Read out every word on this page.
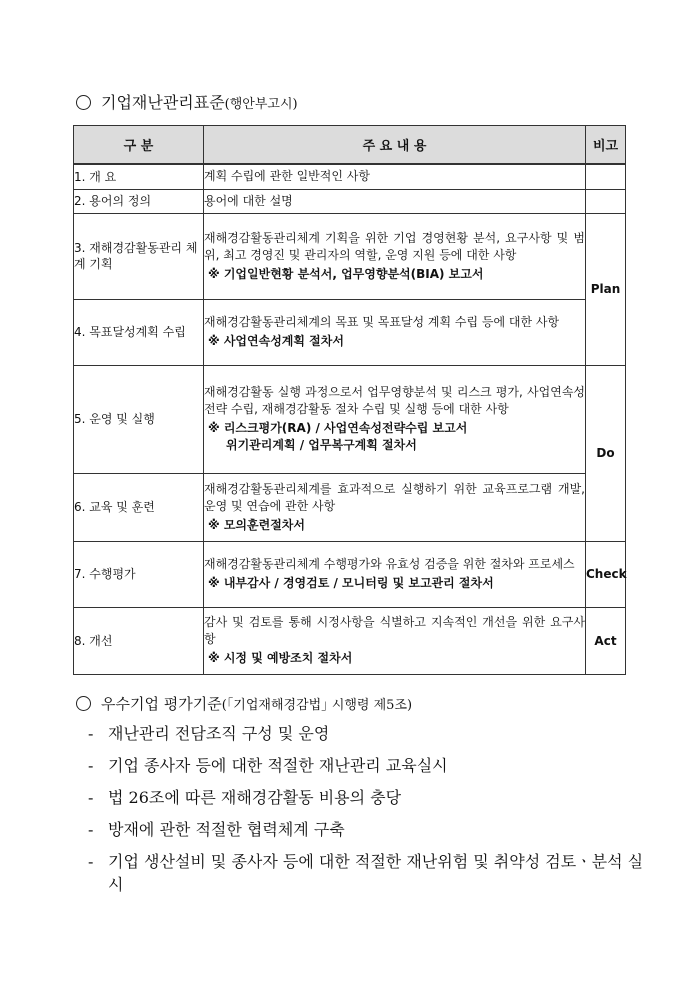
기업재난관리표준(행안부고시)
구 분	주 요 내 용	비고
1. 개 요	계획 수립에 관한 일반적인 사항	

2. 용어의 정의	용어에 대한 설명	

3. 재해경감활동관리 체계 기획	재해경감활동관리체계 기획을 위한 기업 경영현황 분석, 요구사항 및 범위, 최고 경영진 및 관리자의 역할, 운영 지원 등에 대한 사항
※ 기업일반현황 분석서, 업무영향분석(BIA) 보고서	Plan
4. 목표달성계획 수립	재해경감활동관리체계의 목표 및 목표달성 계획 수립 등에 대한 사항
※ 사업연속성계획 절차서	

5. 운영 및 실행	재해경감활동 실행 과정으로서 업무영향분석 및 리스크 평가, 사업연속성 전략 수립, 재해경감활동 절차 수립 및 실행 등에 대한 사항
※ 리스크평가(RA) / 사업연속성전략수립 보고서
위기관리계획 / 업무복구계획 절차서	Do
6. 교육 및 훈련	재해경감활동관리체계를 효과적으로 실행하기 위한 교육프로그램 개발, 운영 및 연습에 관한 사항
※ 모의훈련절차서	

7. 수행평가	재해경감활동관리체계 수행평가와 유효성 검증을 위한 절차와 프로세스
※ 내부감사 / 경영검토 / 모니터링 및 보고관리 절차서	Check
8. 개선	감사 및 검토를 통해 시정사항을 식별하고 지속적인 개선을 위한 요구사항
※ 시정 및 예방조치 절차서	Act
우수기업 평가기준(｢기업재해경감법｣ 시행령 제5조)
- 재난관리 전담조직 구성 및 운영
- 기업 종사자 등에 대한 적절한 재난관리 교육실시
- 법 26조에 따른 재해경감활동 비용의 충당
- 방재에 관한 적절한 협력체계 구축
- 기업 생산설비 및 종사자 등에 대한 적절한 재난위험 및 취약성 검토ㆍ분석 실시
